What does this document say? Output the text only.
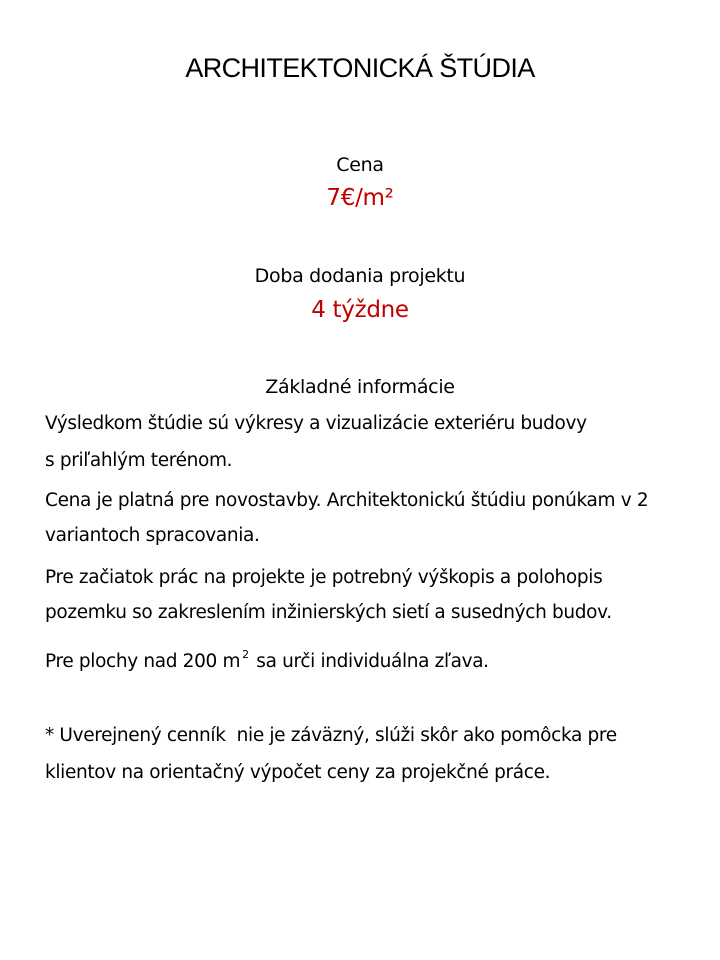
ARCHITEKTONICKÁ ŠTÚDIA
Cena
7€/m²
Doba dodania projektu
4 týždne
Základné informácie
Výsledkom štúdie sú výkresy a vizualizácie exteriéru budovy
s priľahlým terénom.
Cena je platná pre novostavby. Architektonickú štúdiu ponúkam v 2
variantoch spracovania.
Pre začiatok prác na projekte je potrebný výškopis a polohopis
pozemku so zakreslením inžinierských sietí a susedných budov.
Pre plochy nad 200 m $^2$ sa urči individuálna zľava.
* Uverejnený cenník  nie je záväzný, slúži skôr ako pomôcka pre
klientov na orientačný výpočet ceny za projekčné práce.
